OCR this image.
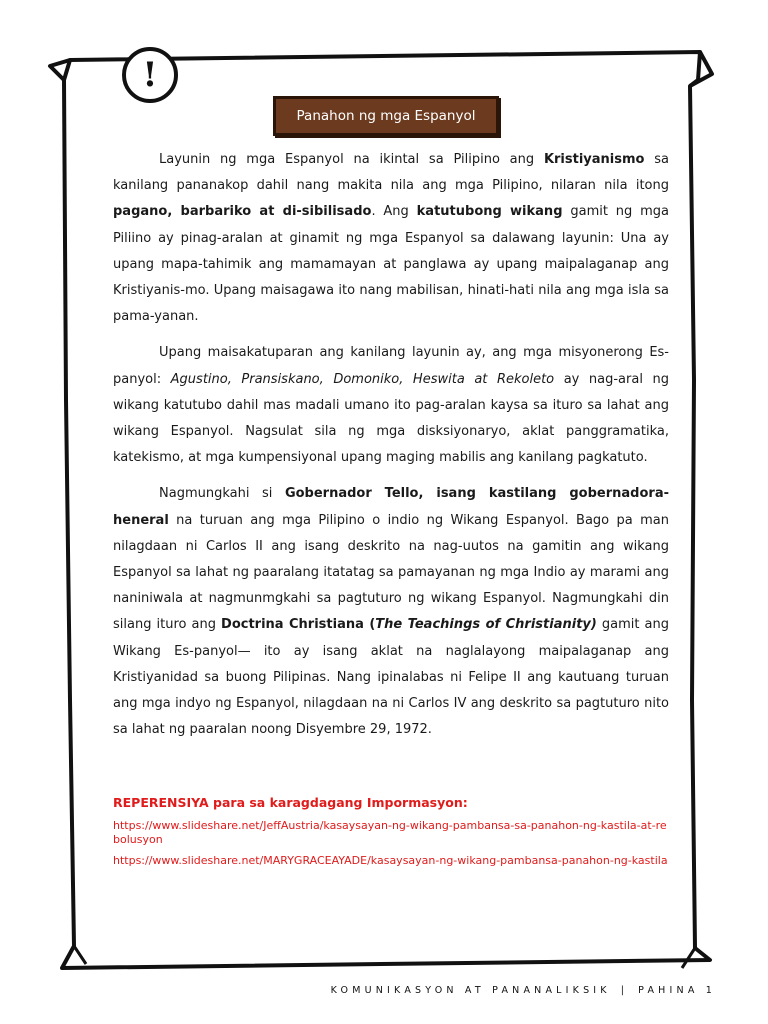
!
Panahon ng mga Espanyol

Layunin ng mga Espanyol na ikintal sa Pilipino ang Kristiyanismo sa kanilang pananakop dahil nang makita nila ang mga Pilipino, nilaran nila itong pagano, barbariko at di-sibilisado. Ang katutubong wikang gamit ng mga Piliino ay pinag-aralan at ginamit ng mga Espanyol sa dalawang layunin: Una ay upang mapa-tahimik ang mamamayan at panglawa ay upang maipalaganap ang Kristiyanis-mo. Upang maisagawa ito nang mabilisan, hinati-hati nila ang mga isla sa pama-yanan.

Upang maisakatuparan ang kanilang layunin ay, ang mga misyonerong Es-panyol: Agustino, Pransiskano, Domoniko, Heswita at Rekoleto ay nag-aral ng wikang katutubo dahil mas madali umano ito pag-aralan kaysa sa ituro sa lahat ang wikang Espanyol. Nagsulat sila ng mga disksiyonaryo, aklat panggramatika, katekismo, at mga kumpensiyonal upang maging mabilis ang kanilang pagkatuto.

Nagmungkahi si Gobernador Tello, isang kastilang gobernadora-heneral na turuan ang mga Pilipino o indio ng Wikang Espanyol. Bago pa man nilagdaan ni Carlos II ang isang deskrito na nag-uutos na gamitin ang wikang Espanyol sa lahat ng paaralang itatatag sa pamayanan ng mga Indio ay marami ang naniniwala at nagmunmgkahi sa pagtuturo ng wikang Espanyol. Nagmungkahi din silang ituro ang Doctrina Christiana (The Teachings of Christianity) gamit ang Wikang Es-panyol— ito ay isang aklat na naglalayong maipalaganap ang Kristiyanidad sa buong Pilipinas. Nang ipinalabas ni Felipe II ang kautuang turuan ang mga indyo ng Espanyol, nilagdaan na ni Carlos IV ang deskrito sa pagtuturo nito sa lahat ng paaralan noong Disyembre 29, 1972.

REPERENSIYA para sa karagdagang Impormasyon:

https://www.slideshare.net/JeffAustria/kasaysayan-ng-wikang-pambansa-sa-panahon-ng-kastila-at-rebolusyon

https://www.slideshare.net/MARYGRACEAYADE/kasaysayan-ng-wikang-pambansa-panahon-ng-kastila

KOMUNIKASYON AT PANANALIKSIK | PAHINA 1
